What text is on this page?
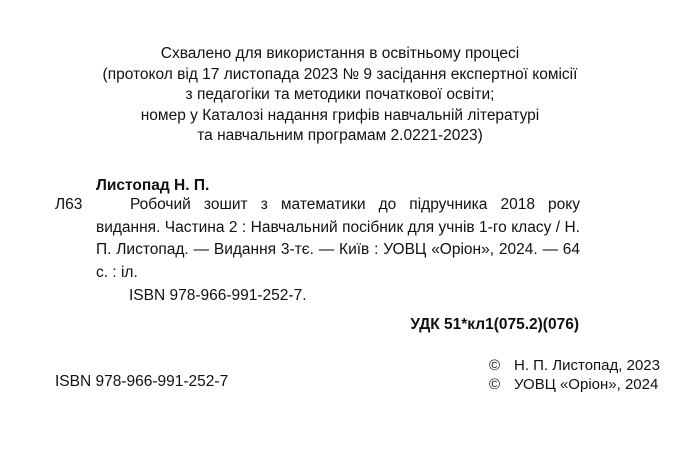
Схвалено для використання в освітньому процесі
(протокол від 17 листопада 2023 № 9 засідання експертної комісії
з педагогіки та методики початкової освіти;
номер у Каталозі надання грифів навчальній літературі
та навчальним програмам 2.0221-2023)
Листопад Н. П.
Л63	Робочий зошит з математики до підручника 2018 року видання. Частина 2 : Навчальний посібник для учнів 1-го класу / Н. П. Листопад. — Видання 3-тє. — Київ : УОВЦ «Оріон», 2024. — 64 с. : іл.
ISBN 978-966-991-252-7.
УДК 51*кл1(075.2)(076)
ISBN 978-966-991-252-7
© Н. П. Листопад, 2023
© УОВЦ «Оріон», 2024
